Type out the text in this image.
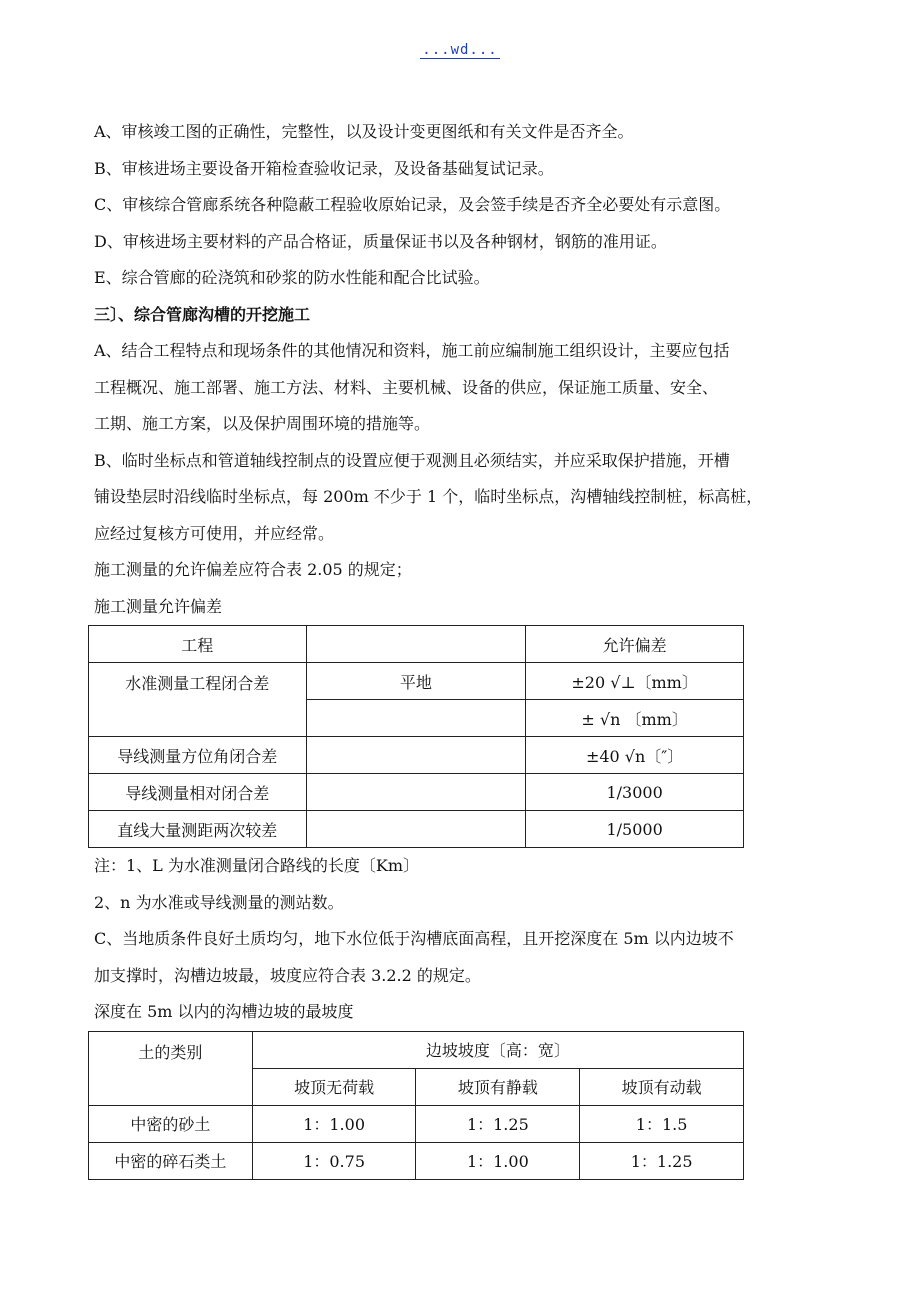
...wd...
A、审核竣工图的正确性，完整性，以及设计变更图纸和有关文件是否齐全。
B、审核进场主要设备开箱检查验收记录，及设备基础复试记录。
C、审核综合管廊系统各种隐蔽工程验收原始记录，及会签手续是否齐全必要处有示意图。
D、审核进场主要材料的产品合格证，质量保证书以及各种钢材，钢筋的准用证。
E、综合管廊的砼浇筑和砂浆的防水性能和配合比试验。
三〕、综合管廊沟槽的开挖施工
A、结合工程特点和现场条件的其他情况和资料，施工前应编制施工组织设计，主要应包括
工程概况、施工部署、施工方法、材料、主要机械、设备的供应，保证施工质量、安全、
工期、施工方案，以及保护周围环境的措施等。
B、临时坐标点和管道轴线控制点的设置应便于观测且必须结实，并应采取保护措施，开槽
铺设垫层时沿线临时坐标点，每 200m 不少于 1 个，临时坐标点，沟槽轴线控制桩，标高桩，
应经过复核方可使用，并应经常。
施工测量的允许偏差应符合表 2.05 的规定；
施工测量允许偏差
工程		允许偏差
水准测量工程闭合差	平地	±20 √⊥〔mm〕
		± √n 〔mm〕
导线测量方位角闭合差		±40 √n〔″〕
导线测量相对闭合差		1/3000
直线大量测距两次较差		1/5000
注：1、L 为水准测量闭合路线的长度〔Km〕
2、n 为水准或导线测量的测站数。
C、当地质条件良好土质均匀，地下水位低于沟槽底面高程，且开挖深度在 5m 以内边坡不
加支撑时，沟槽边坡最，坡度应符合表 3.2.2 的规定。
深度在 5m 以内的沟槽边坡的最坡度
土的类别	边坡坡度〔高：宽〕		
	坡顶无荷载	坡顶有静载	坡顶有动载
中密的砂土	1：1.00	1：1.25	1：1.5
中密的碎石类土	1：0.75	1：1.00	1：1.25
